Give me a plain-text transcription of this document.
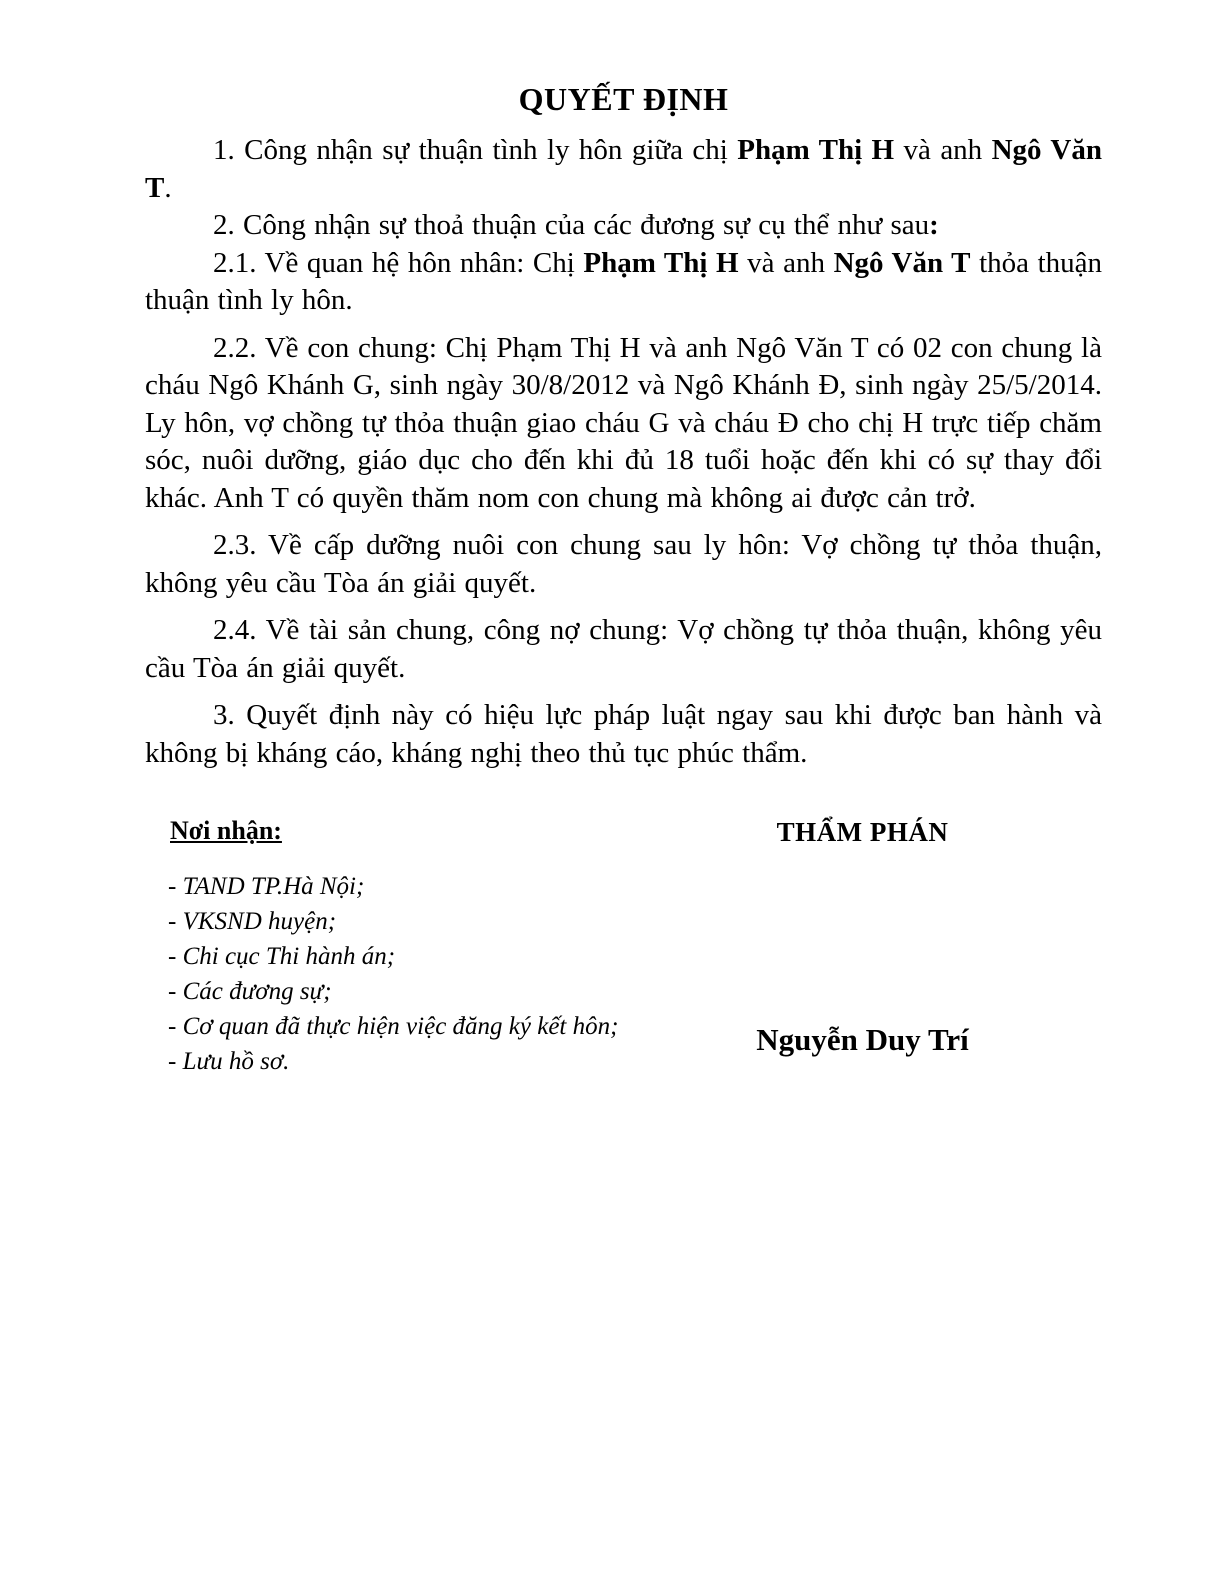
QUYẾT ĐỊNH

1. Công nhận sự thuận tình ly hôn giữa chị Phạm Thị H và anh Ngô Văn T.

2. Công nhận sự thoả thuận của các đương sự cụ thể như sau:

2.1. Về quan hệ hôn nhân: Chị Phạm Thị H và anh Ngô Văn T thỏa thuận thuận tình ly hôn.

2.2. Về con chung: Chị Phạm Thị H và anh Ngô Văn T có 02 con chung là cháu Ngô Khánh G, sinh ngày 30/8/2012 và Ngô Khánh Đ, sinh ngày 25/5/2014. Ly hôn, vợ chồng tự thỏa thuận giao cháu G và cháu Đ cho chị H trực tiếp chăm sóc, nuôi dưỡng, giáo dục cho đến khi đủ 18 tuổi hoặc đến khi có sự thay đổi khác. Anh T có quyền thăm nom con chung mà không ai được cản trở.

2.3. Về cấp dưỡng nuôi con chung sau ly hôn: Vợ chồng tự thỏa thuận, không yêu cầu Tòa án giải quyết.

2.4. Về tài sản chung, công nợ chung: Vợ chồng tự thỏa thuận, không yêu cầu Tòa án giải quyết.

3. Quyết định này có hiệu lực pháp luật ngay sau khi được ban hành và không bị kháng cáo, kháng nghị theo thủ tục phúc thẩm.

Nơi nhận:
- TAND TP.Hà Nội;
- VKSND huyện;
- Chi cục Thi hành án;
- Các đương sự;
- Cơ quan đã thực hiện việc đăng ký kết hôn;
- Lưu hồ sơ.

THẨM PHÁN

Nguyễn Duy Trí
